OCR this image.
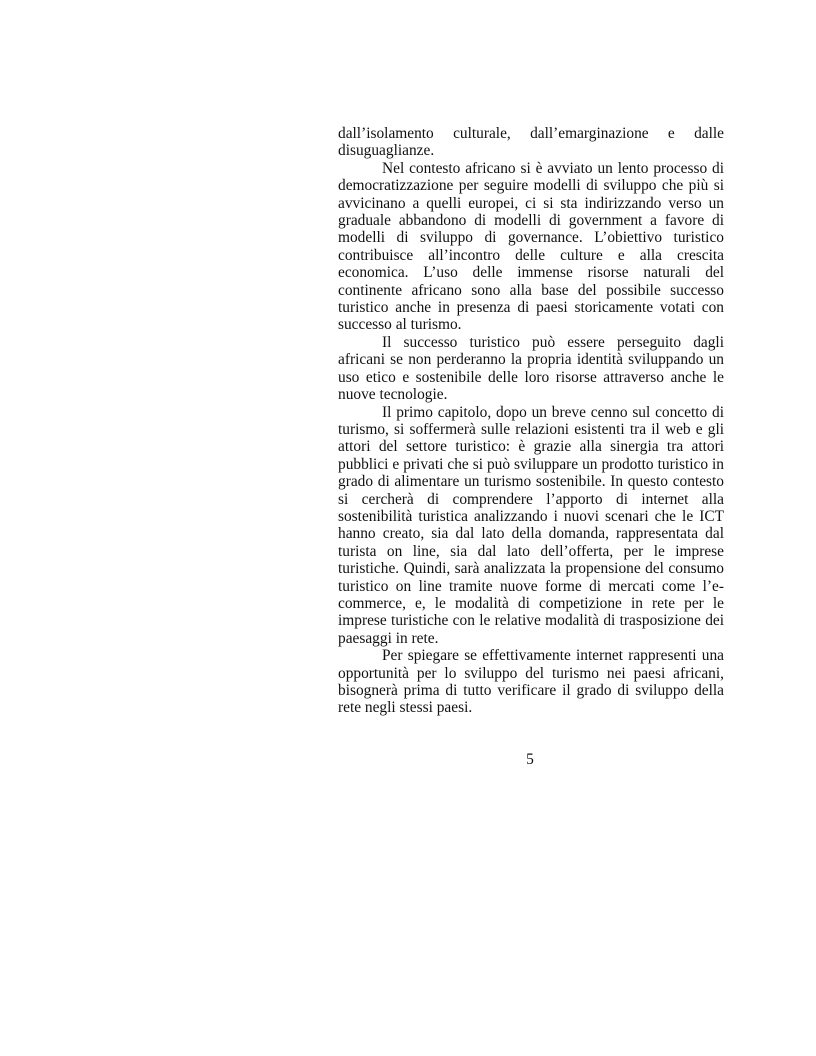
dall’isolamento culturale, dall’emarginazione e dalle disuguaglianze.

Nel contesto africano si è avviato un lento processo di democratizzazione per seguire modelli di sviluppo che più si avvicinano a quelli europei, ci si sta indirizzando verso un graduale abbandono di modelli di government a favore di modelli di sviluppo di governance. L’obiettivo turistico contribuisce all’incontro delle culture e alla crescita economica. L’uso delle immense risorse naturali del continente africano sono alla base del possibile successo turistico anche in presenza di paesi storicamente votati con successo al turismo.

Il successo turistico può essere perseguito dagli africani se non perderanno la propria identità sviluppando un uso etico e sostenibile delle loro risorse attraverso anche le nuove tecnologie.

Il primo capitolo, dopo un breve cenno sul concetto di turismo, si soffermerà sulle relazioni esistenti tra il web e gli attori del settore turistico: è grazie alla sinergia tra attori pubblici e privati che si può sviluppare un prodotto turistico in grado di alimentare un turismo sostenibile. In questo contesto si cercherà di comprendere l’apporto di internet alla sostenibilità turistica analizzando i nuovi scenari che le ICT hanno creato, sia dal lato della domanda, rappresentata dal turista on line, sia dal lato dell’offerta, per le imprese turistiche. Quindi, sarà analizzata la propensione del consumo turistico on line tramite nuove forme di mercati come l’e-commerce, e, le modalità di competizione in rete per le imprese turistiche con le relative modalità di trasposizione dei paesaggi in rete.

Per spiegare se effettivamente internet rappresenti una opportunità per lo sviluppo del turismo nei paesi africani, bisognerà prima di tutto verificare il grado di sviluppo della rete negli stessi paesi.

5
